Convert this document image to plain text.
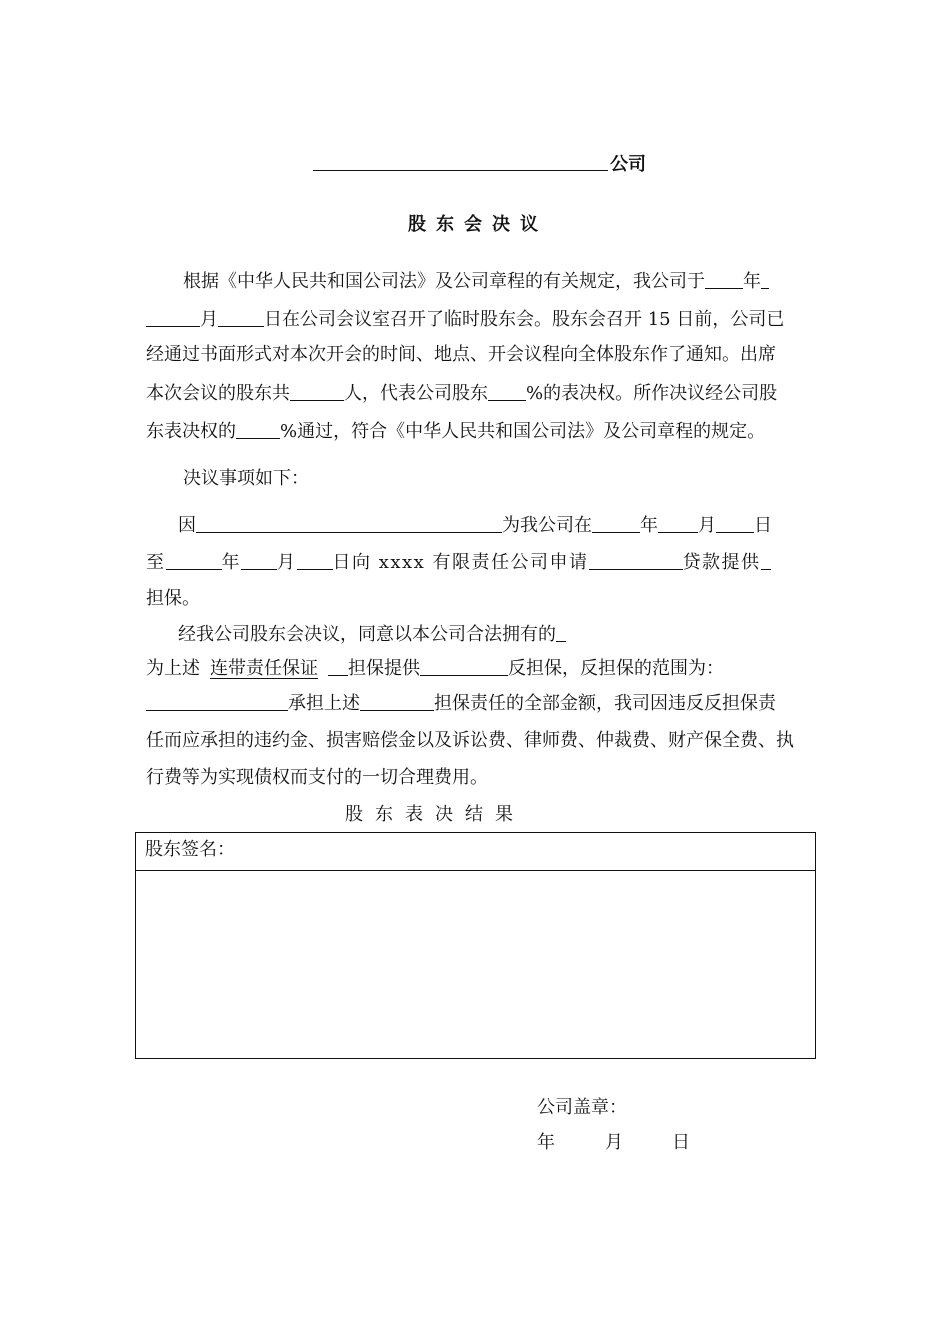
公司
股东会决议
根据《中华人民共和国公司法》及公司章程的有关规定，我公司于 年
月	日在公司会议室召开了临时股东会。股东会召开 15 日前，公司已
经通过书面形式对本次开会的时间、地点、开会议程向全体股东作了通知。出席
本次会议的股东共	人，代表公司股东 %的表决权。所作决议经公司股
东表决权的 %通过，符合《中华人民共和国公司法》及公司章程的规定。
决议事项如下：
因	为我公司在	年 月 日
至	年 月 日向 xxxx 有限责任公司申请	贷款提供
担保。
经我公司股东会决议，同意以本公司合法拥有的
为上述 连带责任保证 担保提供	反担保，反担保的范围为：
承担上述	担保责任的全部金额，我司因违反反担保责
任而应承担的违约金、损害赔偿金以及诉讼费、律师费、仲裁费、财产保全费、执
行费等为实现债权而支付的一切合理费用。
股东表决结果
股东签名：
公司盖章：
年	月	日
